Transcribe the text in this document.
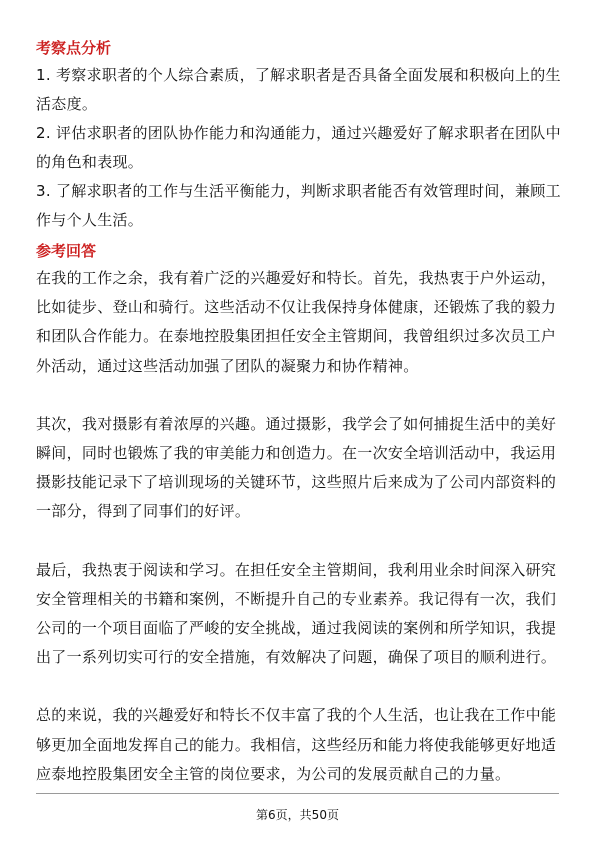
考察点分析

1. 考察求职者的个人综合素质，了解求职者是否具备全面发展和积极向上的生活态度。

2. 评估求职者的团队协作能力和沟通能力，通过兴趣爱好了解求职者在团队中的角色和表现。

3. 了解求职者的工作与生活平衡能力，判断求职者能否有效管理时间，兼顾工作与个人生活。

参考回答

在我的工作之余，我有着广泛的兴趣爱好和特长。首先，我热衷于户外运动，比如徒步、登山和骑行。这些活动不仅让我保持身体健康，还锻炼了我的毅力和团队合作能力。在泰地控股集团担任安全主管期间，我曾组织过多次员工户外活动，通过这些活动加强了团队的凝聚力和协作精神。

其次，我对摄影有着浓厚的兴趣。通过摄影，我学会了如何捕捉生活中的美好瞬间，同时也锻炼了我的审美能力和创造力。在一次安全培训活动中，我运用摄影技能记录下了培训现场的关键环节，这些照片后来成为了公司内部资料的一部分，得到了同事们的好评。

最后，我热衷于阅读和学习。在担任安全主管期间，我利用业余时间深入研究安全管理相关的书籍和案例，不断提升自己的专业素养。我记得有一次，我们公司的一个项目面临了严峻的安全挑战，通过我阅读的案例和所学知识，我提出了一系列切实可行的安全措施，有效解决了问题，确保了项目的顺利进行。

总的来说，我的兴趣爱好和特长不仅丰富了我的个人生活，也让我在工作中能够更加全面地发挥自己的能力。我相信，这些经历和能力将使我能够更好地适应泰地控股集团安全主管的岗位要求，为公司的发展贡献自己的力量。

第6页，共50页
